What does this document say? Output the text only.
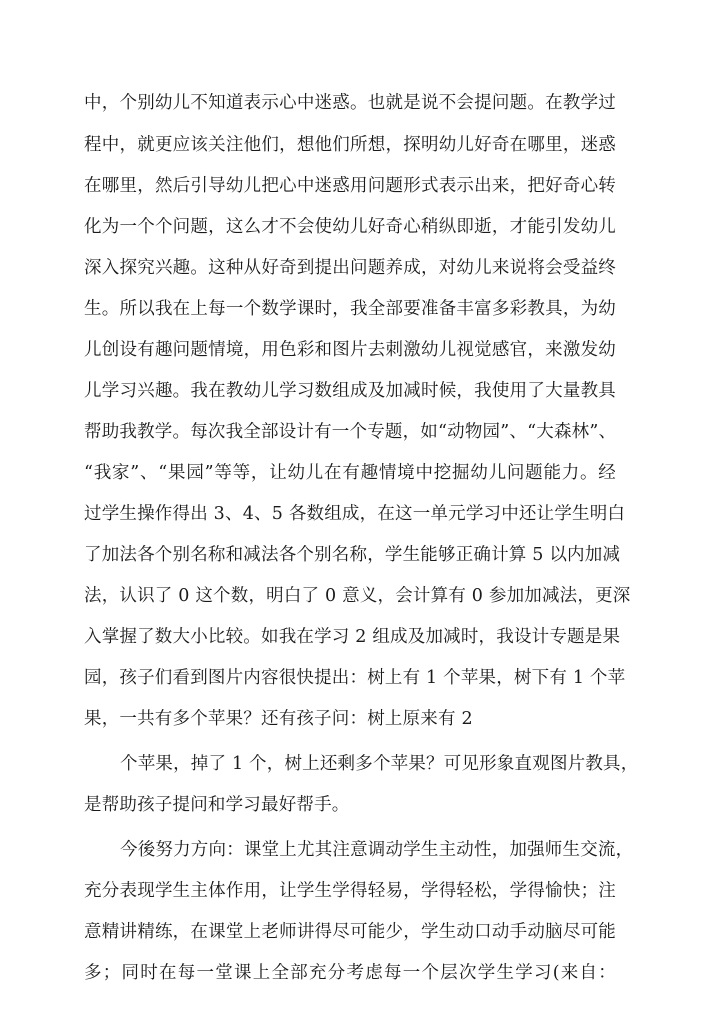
中，个别幼儿不知道表示心中迷惑。也就是说不会提问题。在教学过
程中，就更应该关注他们，想他们所想，探明幼儿好奇在哪里，迷惑
在哪里，然后引导幼儿把心中迷惑用问题形式表示出来，把好奇心转
化为一个个问题，这么才不会使幼儿好奇心稍纵即逝，才能引发幼儿
深入探究兴趣。这种从好奇到提出问题养成，对幼儿来说将会受益终
生。所以我在上每一个数学课时，我全部要准备丰富多彩教具，为幼
儿创设有趣问题情境，用色彩和图片去刺激幼儿视觉感官，来激发幼
儿学习兴趣。我在教幼儿学习数组成及加减时候，我使用了大量教具
帮助我教学。每次我全部设计有一个专题，如“动物园”、“大森林”、
“我家”、“果园”等等，让幼儿在有趣情境中挖掘幼儿问题能力。经
过学生操作得出 3、4、5 各数组成，在这一单元学习中还让学生明白
了加法各个别名称和减法各个别名称，学生能够正确计算 5 以内加减
法，认识了 0 这个数，明白了 0 意义，会计算有 0 参加加减法，更深
入掌握了数大小比较。如我在学习 2 组成及加减时，我设计专题是果
园，孩子们看到图片内容很快提出：树上有 1 个苹果，树下有 1 个苹
果，一共有多个苹果？还有孩子问：树上原来有 2
个苹果，掉了 1 个，树上还剩多个苹果？可见形象直观图片教具，
是帮助孩子提问和学习最好帮手。
今後努力方向：课堂上尤其注意调动学生主动性，加强师生交流，
充分表现学生主体作用，让学生学得轻易，学得轻松，学得愉快；注
意精讲精练，在课堂上老师讲得尽可能少，学生动口动手动脑尽可能
多；同时在每一堂课上全部充分考虑每一个层次学生学习(来自：
